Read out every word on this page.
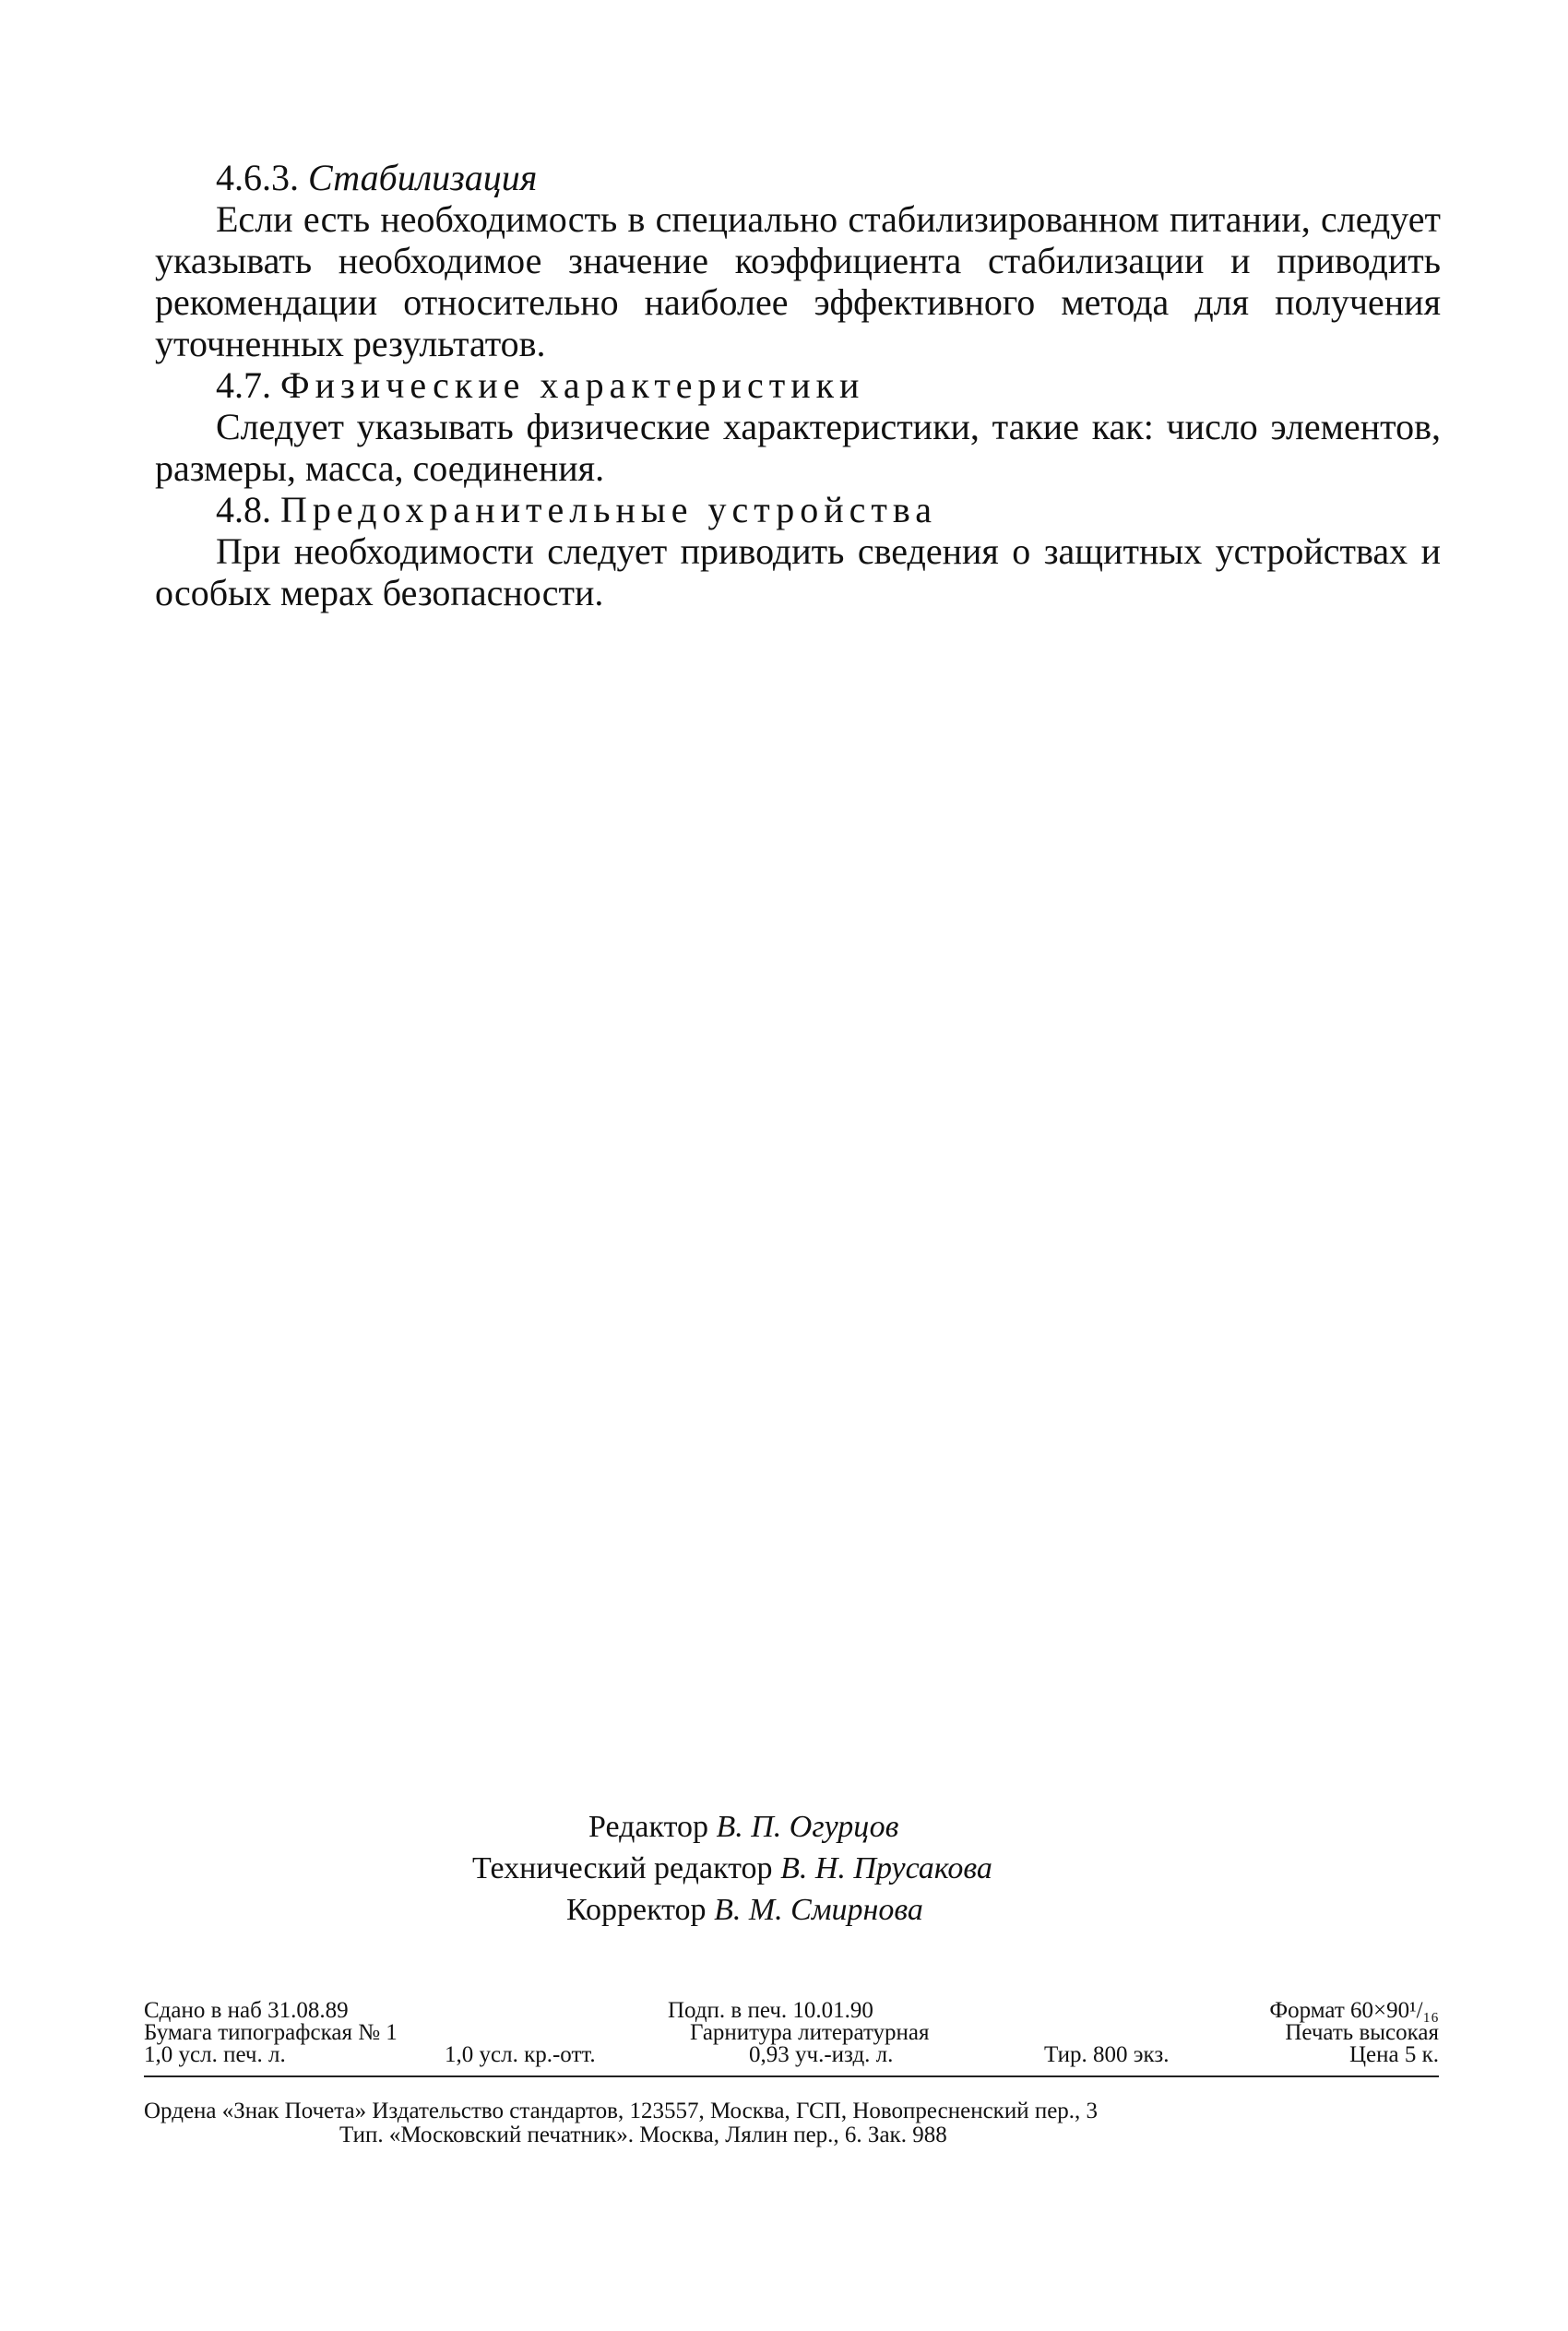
4.6.3. Стабилизация

Если есть необходимость в специально стабилизированном питании, следует указывать необходимое значение коэффициента стабилизации и приводить рекомендации относительно наиболее эффективного метода для получения уточненных результатов.

4.7. Физические характеристики

Следует указывать физические характеристики, такие как: число элементов, размеры, масса, соединения.

4.8. Предохранительные устройства

При необходимости следует приводить сведения о защитных устройствах и особых мерах безопасности.

Редактор В. П. Огурцов
Технический редактор В. Н. Прусакова
Корректор В. М. Смирнова
Сдано в наб 31.08.89	Подп. в печ. 10.01.90	Формат 60×90¹/₁₆
Бумага типографская № 1	Гарнитура литературная	Печать высокая
1,0 усл. печ. л.	1,0 усл. кр.-отт.	0,93 уч.-изд. л.	Тир. 800 экз.	Цена 5 к.
Ордена «Знак Почета» Издательство стандартов, 123557, Москва, ГСП, Новопресненский пер., 3
Тип. «Московский печатник». Москва, Лялин пер., 6. Зак. 988
